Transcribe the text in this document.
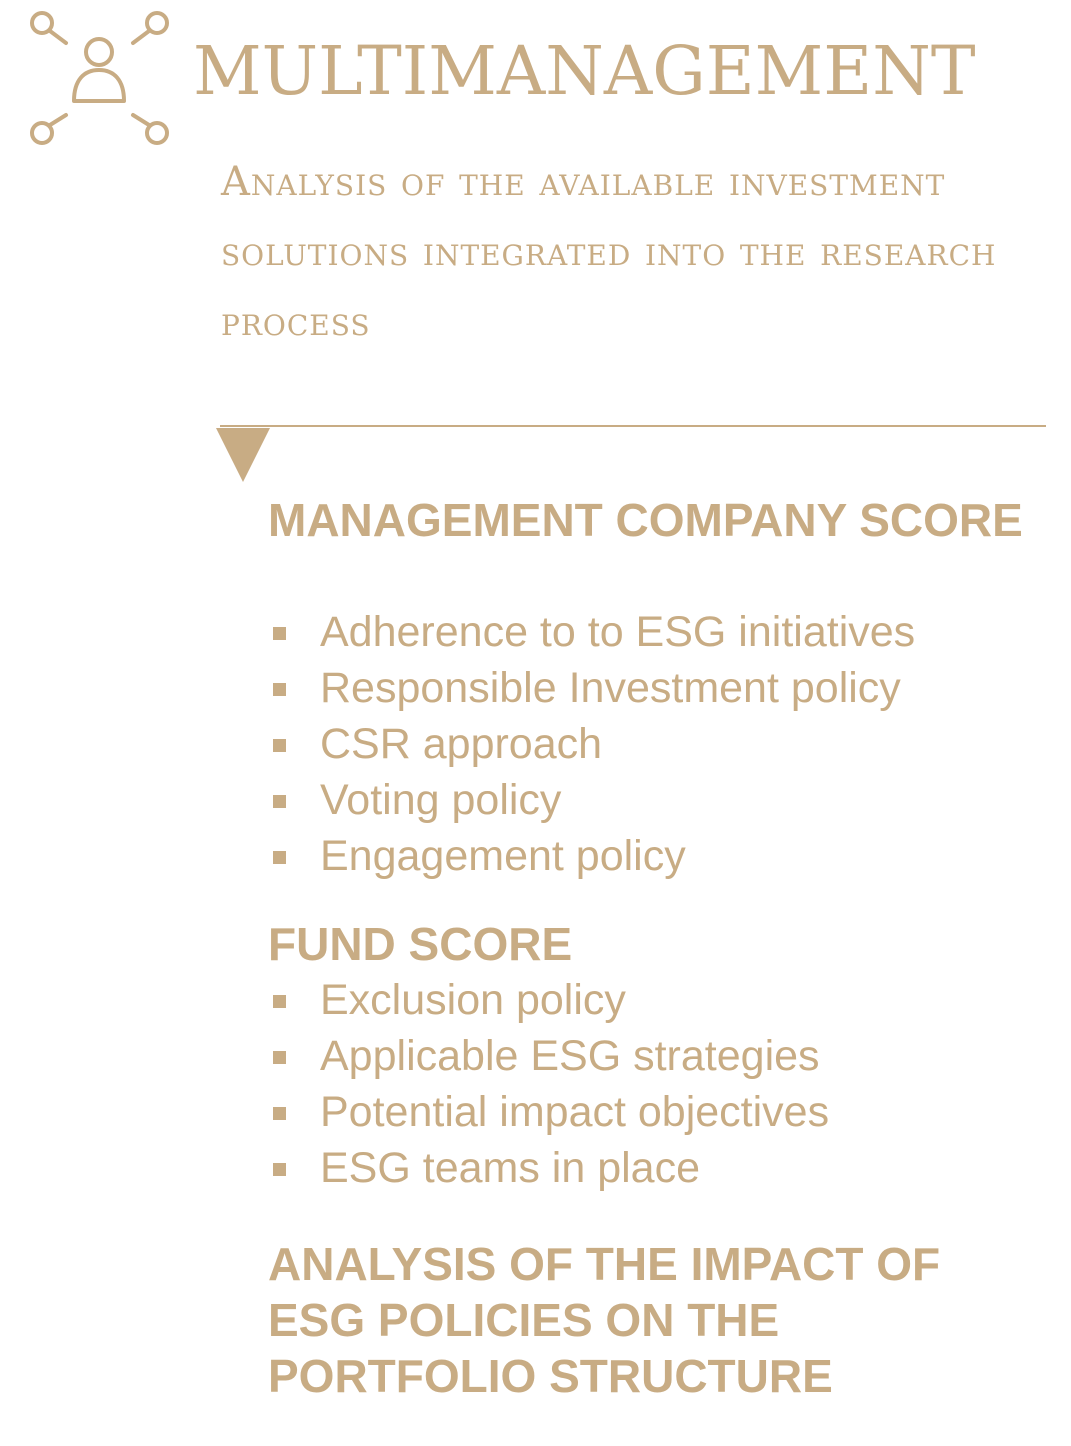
MULTIMANAGEMENT

Analysis of the available investment solutions integrated into the research process

MANAGEMENT COMPANY SCORE
Adherence to to ESG initiatives
Responsible Investment policy
CSR approach
Voting policy
Engagement policy
FUND SCORE
Exclusion policy
Applicable ESG strategies
Potential impact objectives
ESG teams in place
ANALYSIS OF THE IMPACT OF ESG POLICIES ON THE PORTFOLIO STRUCTURE
